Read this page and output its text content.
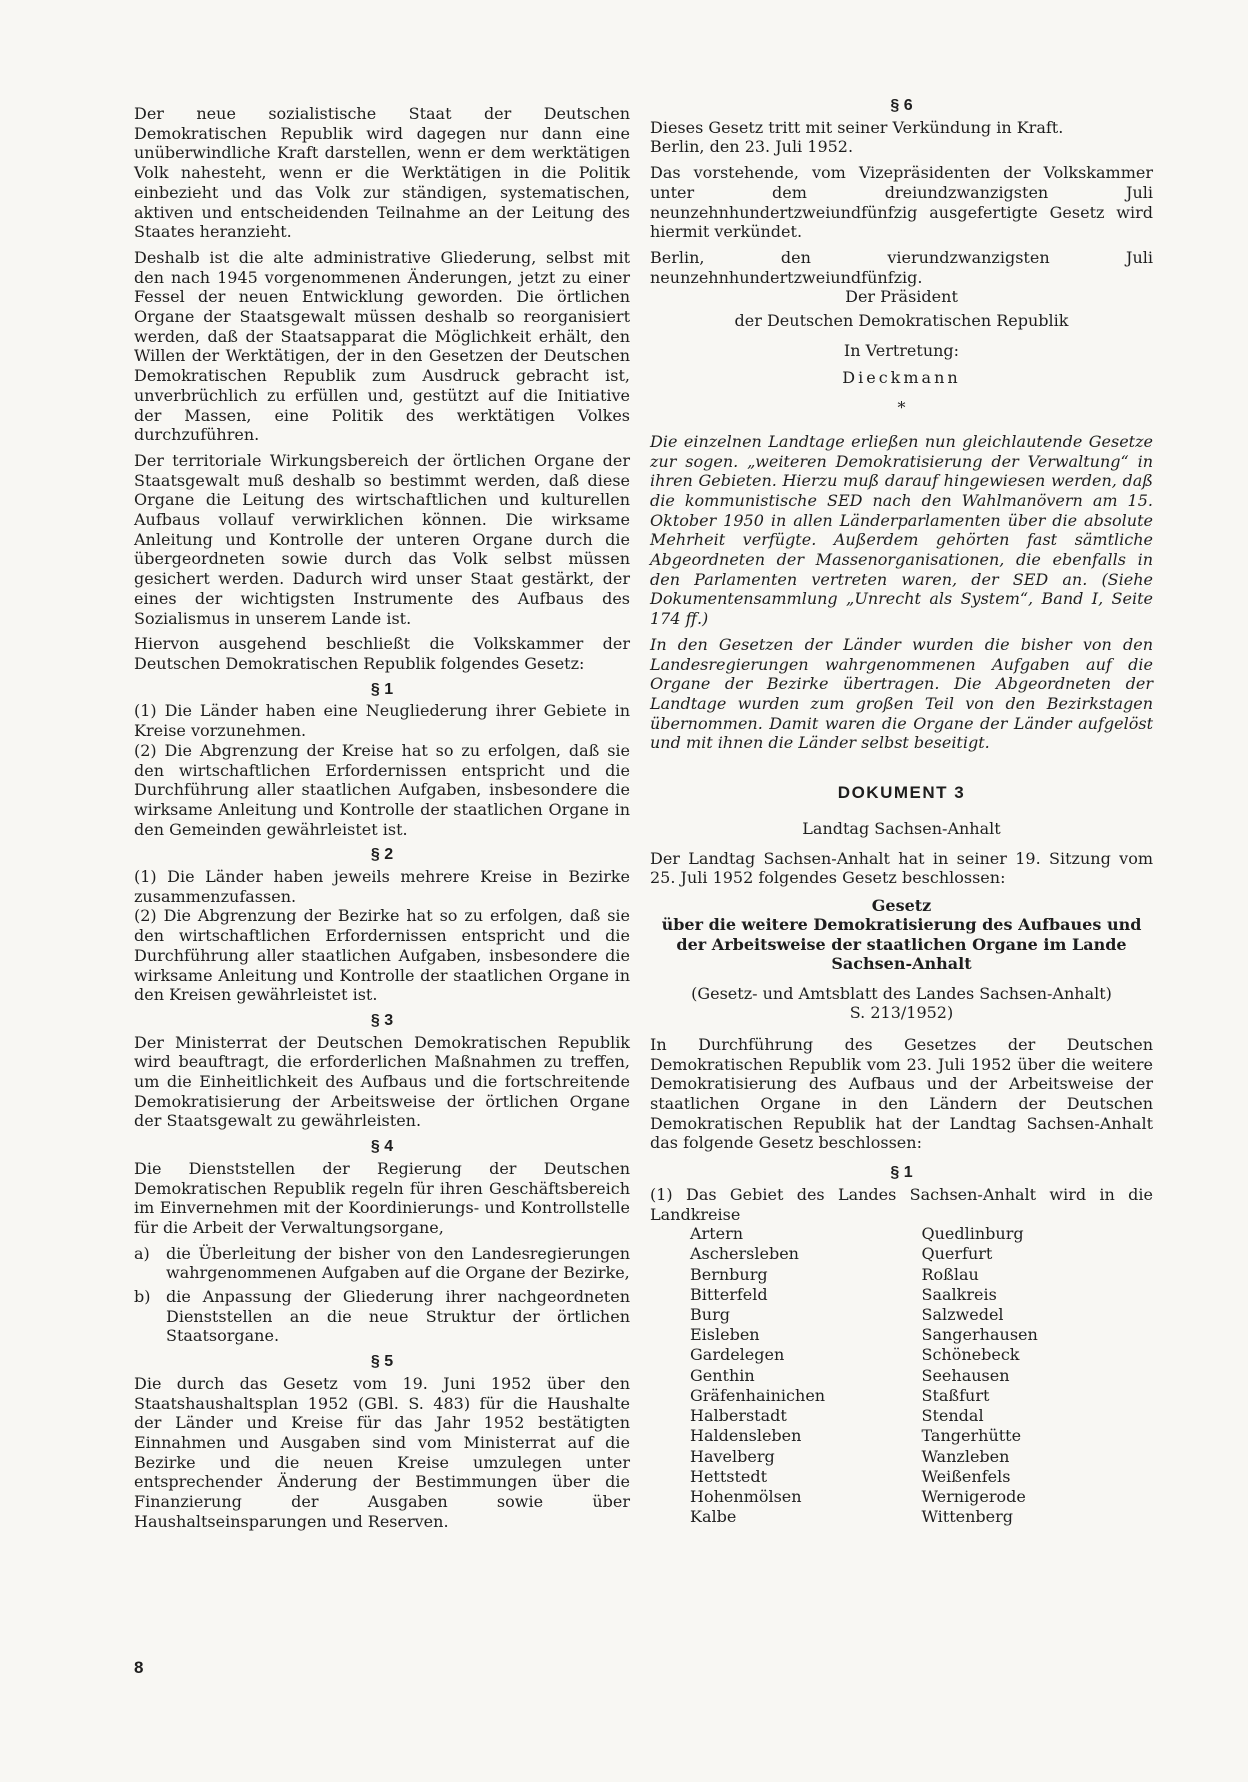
Der neue sozialistische Staat der Deutschen Demokratischen Republik wird dagegen nur dann eine unüberwindliche Kraft darstellen, wenn er dem werktätigen Volk nahesteht, wenn er die Werktätigen in die Politik einbezieht und das Volk zur ständigen, systematischen, aktiven und entscheidenden Teilnahme an der Leitung des Staates heranzieht.

Deshalb ist die alte administrative Gliederung, selbst mit den nach 1945 vorgenommenen Änderungen, jetzt zu einer Fessel der neuen Entwicklung geworden. Die örtlichen Organe der Staatsgewalt müssen deshalb so reorganisiert werden, daß der Staatsapparat die Möglichkeit erhält, den Willen der Werktätigen, der in den Gesetzen der Deutschen Demokratischen Republik zum Ausdruck gebracht ist, unverbrüchlich zu erfüllen und, gestützt auf die Initiative der Massen, eine Politik des werktätigen Volkes durchzuführen.

Der territoriale Wirkungsbereich der örtlichen Organe der Staatsgewalt muß deshalb so bestimmt werden, daß diese Organe die Leitung des wirtschaftlichen und kulturellen Aufbaus vollauf verwirklichen können. Die wirksame Anleitung und Kontrolle der unteren Organe durch die übergeordneten sowie durch das Volk selbst müssen gesichert werden. Dadurch wird unser Staat gestärkt, der eines der wichtigsten Instrumente des Aufbaus des Sozialismus in unserem Lande ist.

Hiervon ausgehend beschließt die Volkskammer der Deutschen Demokratischen Republik folgendes Gesetz:

§ 1

(1) Die Länder haben eine Neugliederung ihrer Gebiete in Kreise vorzunehmen.

(2) Die Abgrenzung der Kreise hat so zu erfolgen, daß sie den wirtschaftlichen Erfordernissen entspricht und die Durchführung aller staatlichen Aufgaben, insbesondere die wirksame Anleitung und Kontrolle der staatlichen Organe in den Gemeinden gewährleistet ist.

§ 2

(1) Die Länder haben jeweils mehrere Kreise in Bezirke zusammenzufassen.

(2) Die Abgrenzung der Bezirke hat so zu erfolgen, daß sie den wirtschaftlichen Erfordernissen entspricht und die Durchführung aller staatlichen Aufgaben, insbesondere die wirksame Anleitung und Kontrolle der staatlichen Organe in den Kreisen gewährleistet ist.

§ 3

Der Ministerrat der Deutschen Demokratischen Republik wird beauftragt, die erforderlichen Maßnahmen zu treffen, um die Einheitlichkeit des Aufbaus und die fortschreitende Demokratisierung der Arbeitsweise der örtlichen Organe der Staatsgewalt zu gewährleisten.

§ 4

Die Dienststellen der Regierung der Deutschen Demokratischen Republik regeln für ihren Geschäftsbereich im Einvernehmen mit der Koordinierungs- und Kontrollstelle für die Arbeit der Verwaltungsorgane,

a)	die Überleitung der bisher von den Landesregierungen wahrgenommenen Aufgaben auf die Organe der Bezirke,
b) die Anpassung der Gliederung ihrer nachgeordneten Dienststellen an die neue Struktur der örtlichen Staatsorgane.
§ 5

Die durch das Gesetz vom 19. Juni 1952 über den Staatshaushaltsplan 1952 (GBl. S. 483) für die Haushalte der Länder und Kreise für das Jahr 1952 bestätigten Einnahmen und Ausgaben sind vom Ministerrat auf die Bezirke und die neuen Kreise umzulegen unter entsprechender Änderung der Bestimmungen über die Finanzierung der Ausgaben sowie über Haushaltseinsparungen und Reserven.

§ 6

Dieses Gesetz tritt mit seiner Verkündung in Kraft.

Berlin, den 23. Juli 1952.

Das vorstehende, vom Vizepräsidenten der Volkskammer unter dem dreiundzwanzigsten Juli neunzehnhundertzweiundfünfzig ausgefertigte Gesetz wird hiermit verkündet.

Berlin, den vierundzwanzigsten Juli neunzehnhundertzweiundfünfzig.

Der Präsident
der Deutschen Demokratischen Republik
In Vertretung:
Dieckmann
*

Die einzelnen Landtage erließen nun gleichlautende Gesetze zur sogen. „weiteren Demokratisierung der Verwaltung“ in ihren Gebieten. Hierzu muß darauf hingewiesen werden, daß die kommunistische SED nach den Wahlmanövern am 15. Oktober 1950 in allen Länderparlamenten über die absolute Mehrheit verfügte. Außerdem gehörten fast sämtliche Abgeordneten der Massenorganisationen, die ebenfalls in den Parlamenten vertreten waren, der SED an. (Siehe Dokumentensammlung „Unrecht als System“, Band I, Seite 174 ff.)

In den Gesetzen der Länder wurden die bisher von den Landesregierungen wahrgenommenen Aufgaben auf die Organe der Bezirke übertragen. Die Abgeordneten der Landtage wurden zum großen Teil von den Bezirkstagen übernommen. Damit waren die Organe der Länder aufgelöst und mit ihnen die Länder selbst beseitigt.

DOKUMENT 3
Landtag Sachsen-Anhalt

Der Landtag Sachsen-Anhalt hat in seiner 19. Sitzung vom 25. Juli 1952 folgendes Gesetz beschlossen:

Gesetz
über die weitere Demokratisierung des Aufbaues und der Arbeitsweise der staatlichen Organe im Lande Sachsen-Anhalt
(Gesetz- und Amtsblatt des Landes Sachsen-Anhalt)
S. 213/1952)

In Durchführung des Gesetzes der Deutschen Demokratischen Republik vom 23. Juli 1952 über die weitere Demokratisierung des Aufbaus und der Arbeitsweise der staatlichen Organe in den Ländern der Deutschen Demokratischen Republik hat der Landtag Sachsen-Anhalt das folgende Gesetz beschlossen:

§ 1

(1) Das Gebiet des Landes Sachsen-Anhalt wird in die Landkreise

Artern
Aschersleben
Bernburg
Bitterfeld
Burg
Eisleben
Gardelegen
Genthin
Gräfenhainichen
Halberstadt
Haldensleben
Havelberg
Hettstedt
Hohenmölsen
Kalbe
Quedlinburg
Querfurt
Roßlau
Saalkreis
Salzwedel
Sangerhausen
Schönebeck
Seehausen
Staßfurt
Stendal
Tangerhütte
Wanzleben
Weißenfels
Wernigerode
Wittenberg
8
